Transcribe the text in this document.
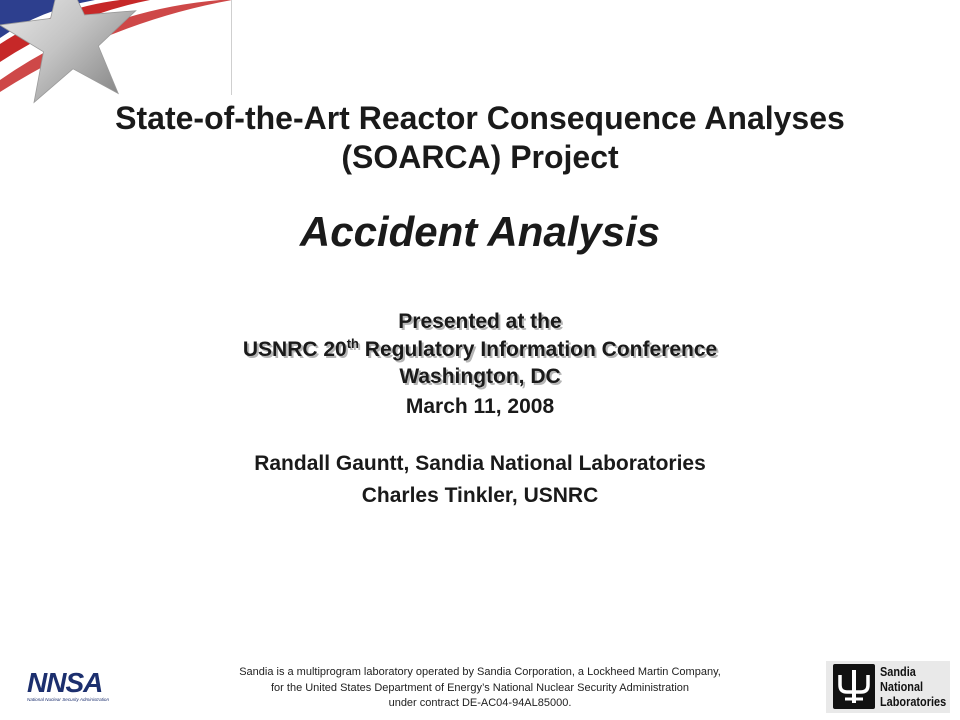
State-of-the-Art Reactor Consequence Analyses
(SOARCA) Project
Accident Analysis
Presented at the
USNRC 20th Regulatory Information Conference
Washington, DC
March 11, 2008
Randall Gauntt, Sandia National Laboratories
Charles Tinkler, USNRC
Sandia is a multiprogram laboratory operated by Sandia Corporation, a Lockheed Martin Company,
for the United States Department of Energy’s National Nuclear Security Administration
under contract DE-AC04-94AL85000.
NNSA
National Nuclear Security Administration
Sandia
National
Laboratories
